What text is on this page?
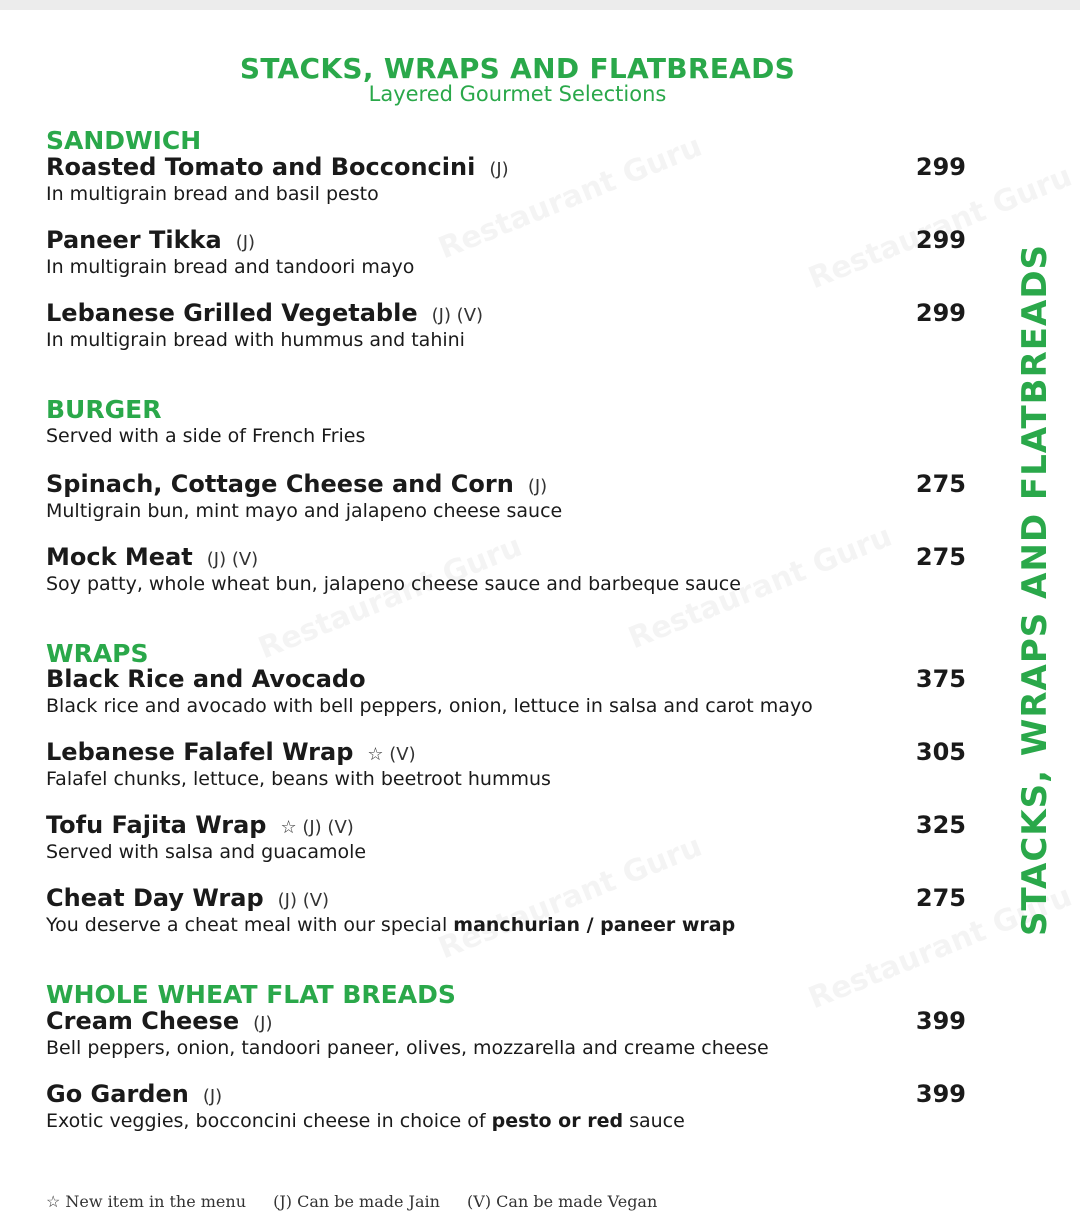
STACKS, WRAPS AND FLATBREADS
Layered Gourmet Selections
SANDWICH
Roasted Tomato and Bocconcini (J)
In multigrain bread and basil pesto
299
Paneer Tikka (J)
In multigrain bread and tandoori mayo
299
Lebanese Grilled Vegetable (J) (V)
In multigrain bread with hummus and tahini
299
BURGER
Served with a side of French Fries
Spinach, Cottage Cheese and Corn (J)
Multigrain bun, mint mayo and jalapeno cheese sauce
275
Mock Meat (J) (V)
Soy patty, whole wheat bun, jalapeno cheese sauce and barbeque sauce
275
WRAPS
Black Rice and Avocado
Black rice and avocado with bell peppers, onion, lettuce in salsa and carot mayo
375
Lebanese Falafel Wrap ☆ (V)
Falafel chunks, lettuce, beans with beetroot hummus
305
Tofu Fajita Wrap ☆ (J) (V)
Served with salsa and guacamole
325
Cheat Day Wrap (J) (V)
You deserve a cheat meal with our special manchurian / paneer wrap
275
WHOLE WHEAT FLAT BREADS
Cream Cheese (J)
Bell peppers, onion, tandoori paneer, olives, mozzarella and creame cheese
399
Go Garden (J)
Exotic veggies, bocconcini cheese in choice of pesto or red sauce
399
STACKS, WRAPS AND FLATBREADS
☆ New item in the menu (J) Can be made Jain (V) Can be made Vegan
